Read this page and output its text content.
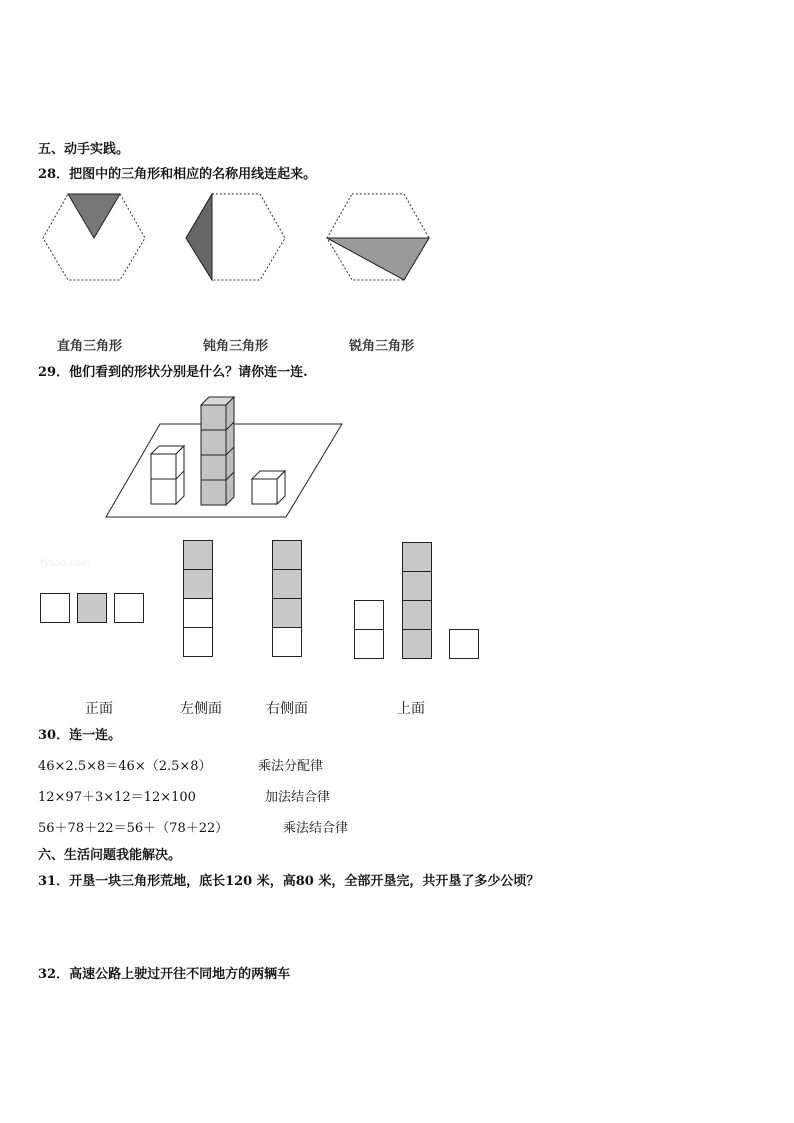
五、动手实践。
28．把图中的三角形和相应的名称用线连起来。
直角三角形	钝角三角形	锐角三角形
29．他们看到的形状分别是什么？请你连一连.
fyzoo.com
正面	左侧面	右侧面	上面
30．连一连。
46×2.5×8＝46×（2.5×8）	乘法分配律
12×97＋3×12＝12×100	加法结合律
56＋78＋22＝56＋（78＋22）	乘法结合律
六、生活问题我能解决。
31．开垦一块三角形荒地，底长120 米，高80 米，全部开垦完，共开垦了多少公顷？
32．高速公路上驶过开往不同地方的两辆车
